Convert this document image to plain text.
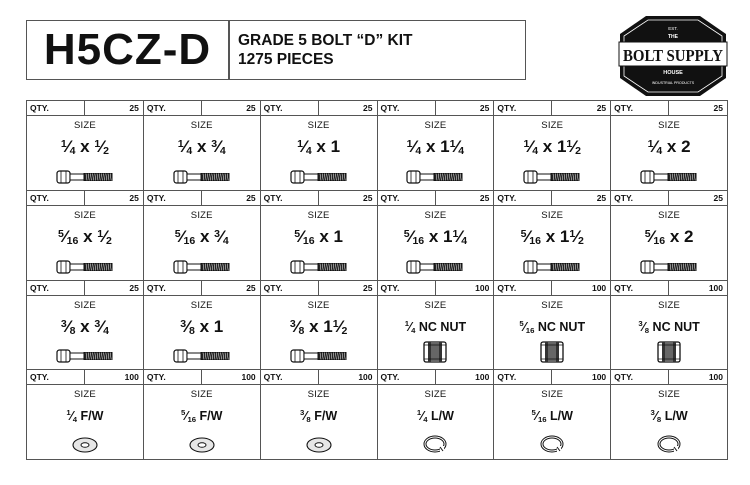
H5CZ-D	GRADE 5 BOLT “D” KIT
1275 PIECES
EST.
THE
BOLT SUPPLY
HOUSE
INDUSTRIAL PRODUCTS
QTY.	25
SIZE
$^1⁄_4$ x $^1⁄_2$
QTY.	25
SIZE
$^1⁄_4$ x $^3⁄_4$
QTY.	25
SIZE
$^1⁄_4$ x 1
QTY.	25
SIZE
$^1⁄_4$ x $1^1⁄_4$
QTY.	25
SIZE
$^1⁄_4$ x $1^1⁄_2$
QTY.	25
SIZE
$^1⁄_4$ x 2
QTY.	25
SIZE
$^5⁄_{16}$ x $^1⁄_2$
QTY.	25
SIZE
$^5⁄_{16}$ x $^3⁄_4$
QTY.	25
SIZE
$^5⁄_{16}$ x 1
QTY.	25
SIZE
$^5⁄_{16}$ x $1^1⁄_4$
QTY.	25
SIZE
$^5⁄_{16}$ x $1^1⁄_2$
QTY.	25
SIZE
$^5⁄_{16}$ x 2
QTY.	25
SIZE
$^3⁄_8$ x $^3⁄_4$
QTY.	25
SIZE
$^3⁄_8$ x 1
QTY.	25
SIZE
$^3⁄_8$ x $1^1⁄_2$
QTY.	100
SIZE
$^1⁄_4$ NC NUT
QTY.	100
SIZE
$^5⁄_{16}$ NC NUT
QTY.	100
SIZE
$^3⁄_8$ NC NUT
QTY.	100
SIZE
$^1⁄_4$ F/W
QTY.	100
SIZE
$^5⁄_{16}$ F/W
QTY.	100
SIZE
$^3⁄_8$ F/W
QTY.	100
SIZE
$^1⁄_4$ L/W
QTY.	100
SIZE
$^5⁄_{16}$ L/W
QTY.	100
SIZE
$^3⁄_8$ L/W
